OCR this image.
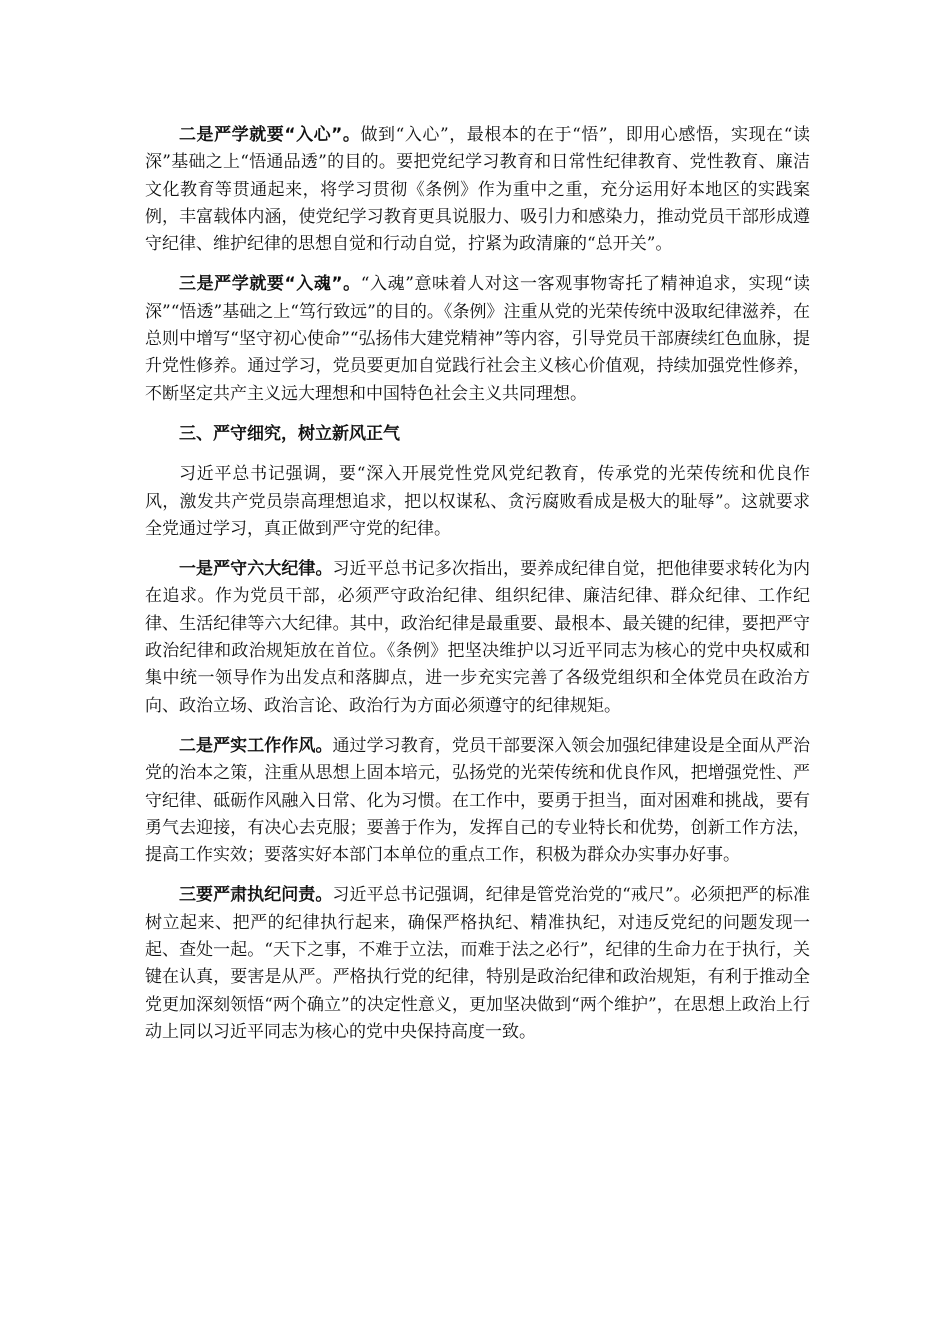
二是严学就要“入心”。做到“入心”，最根本的在于“悟”，即用心感悟，实现在“读深”基础之上“悟通品透”的目的。要把党纪学习教育和日常性纪律教育、党性教育、廉洁文化教育等贯通起来，将学习贯彻《条例》作为重中之重，充分运用好本地区的实践案例，丰富载体内涵，使党纪学习教育更具说服力、吸引力和感染力，推动党员干部形成遵守纪律、维护纪律的思想自觉和行动自觉，拧紧为政清廉的“总开关”。

三是严学就要“入魂”。“入魂”意味着人对这一客观事物寄托了精神追求，实现“读深”“悟透”基础之上“笃行致远”的目的。《条例》注重从党的光荣传统中汲取纪律滋养，在总则中增写“坚守初心使命”“弘扬伟大建党精神”等内容，引导党员干部赓续红色血脉，提升党性修养。通过学习，党员要更加自觉践行社会主义核心价值观，持续加强党性修养，不断坚定共产主义远大理想和中国特色社会主义共同理想。

三、严守细究，树立新风正气

习近平总书记强调，要“深入开展党性党风党纪教育，传承党的光荣传统和优良作风，激发共产党员崇高理想追求，把以权谋私、贪污腐败看成是极大的耻辱”。这就要求全党通过学习，真正做到严守党的纪律。

一是严守六大纪律。习近平总书记多次指出，要养成纪律自觉，把他律要求转化为内在追求。作为党员干部，必须严守政治纪律、组织纪律、廉洁纪律、群众纪律、工作纪律、生活纪律等六大纪律。其中，政治纪律是最重要、最根本、最关键的纪律，要把严守政治纪律和政治规矩放在首位。《条例》把坚决维护以习近平同志为核心的党中央权威和集中统一领导作为出发点和落脚点，进一步充实完善了各级党组织和全体党员在政治方向、政治立场、政治言论、政治行为方面必须遵守的纪律规矩。

二是严实工作作风。通过学习教育，党员干部要深入领会加强纪律建设是全面从严治党的治本之策，注重从思想上固本培元，弘扬党的光荣传统和优良作风，把增强党性、严守纪律、砥砺作风融入日常、化为习惯。在工作中，要勇于担当，面对困难和挑战，要有勇气去迎接，有决心去克服；要善于作为，发挥自己的专业特长和优势，创新工作方法，提高工作实效；要落实好本部门本单位的重点工作，积极为群众办实事办好事。

三要严肃执纪问责。习近平总书记强调，纪律是管党治党的“戒尺”。必须把严的标准树立起来、把严的纪律执行起来，确保严格执纪、精准执纪，对违反党纪的问题发现一起、查处一起。“天下之事，不难于立法，而难于法之必行”，纪律的生命力在于执行，关键在认真，要害是从严。严格执行党的纪律，特别是政治纪律和政治规矩，有利于推动全党更加深刻领悟“两个确立”的决定性意义，更加坚决做到“两个维护”，在思想上政治上行动上同以习近平同志为核心的党中央保持高度一致。
